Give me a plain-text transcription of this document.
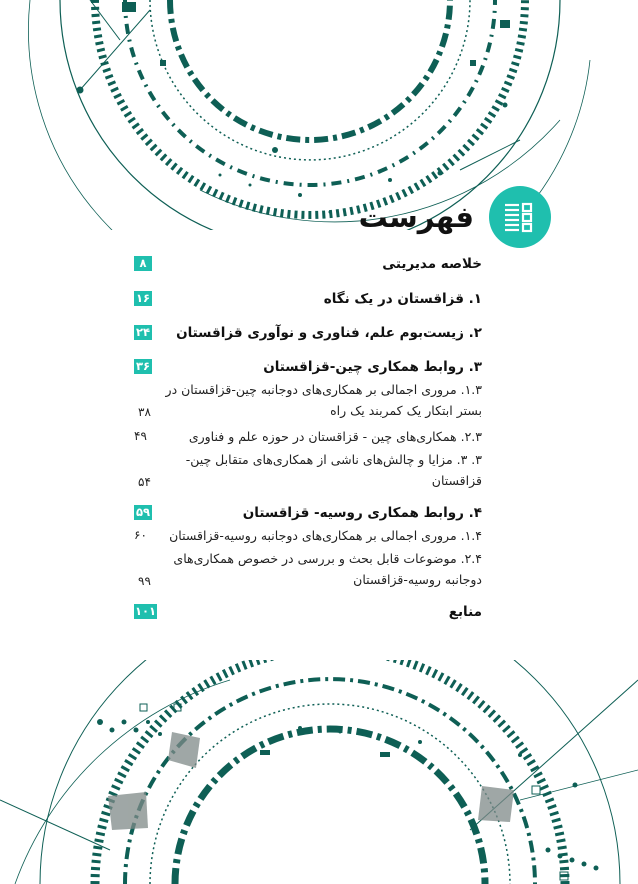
فهرست
خلاصه مدیریتی
۸
۱. قزاقستان در یک نگاه
۱۶
۲. زیست‌بوم علم، فناوری و نوآوری قزاقستان
۲۴
۳. روابط همکاری چین-قزاقستان
۳۶
۱.۳. مروری اجمالی بر همکاری‌های دوجانبه چین-قزاقستان در
بستر ابتکار یک کمربند یک راه
۳۸
۲.۳. همکاری‌های چین - قزاقستان در حوزه علم و فناوری
۴۹
۳. ۳. مزایا و چالش‌های ناشی از همکاری‌های متقابل چین-
قزاقستان
۵۴
۴. روابط همکاری روسیه- قزاقستان
۵۹
۱.۴. مروری اجمالی بر همکاری‌های دوجانبه روسیه-قزاقستان
۶۰
۲.۴. موضوعات قابل بحث و بررسی در خصوص همکاری‌های
دوجانبه روسیه-قزاقستان
۹۹
منابع
۱۰۱
